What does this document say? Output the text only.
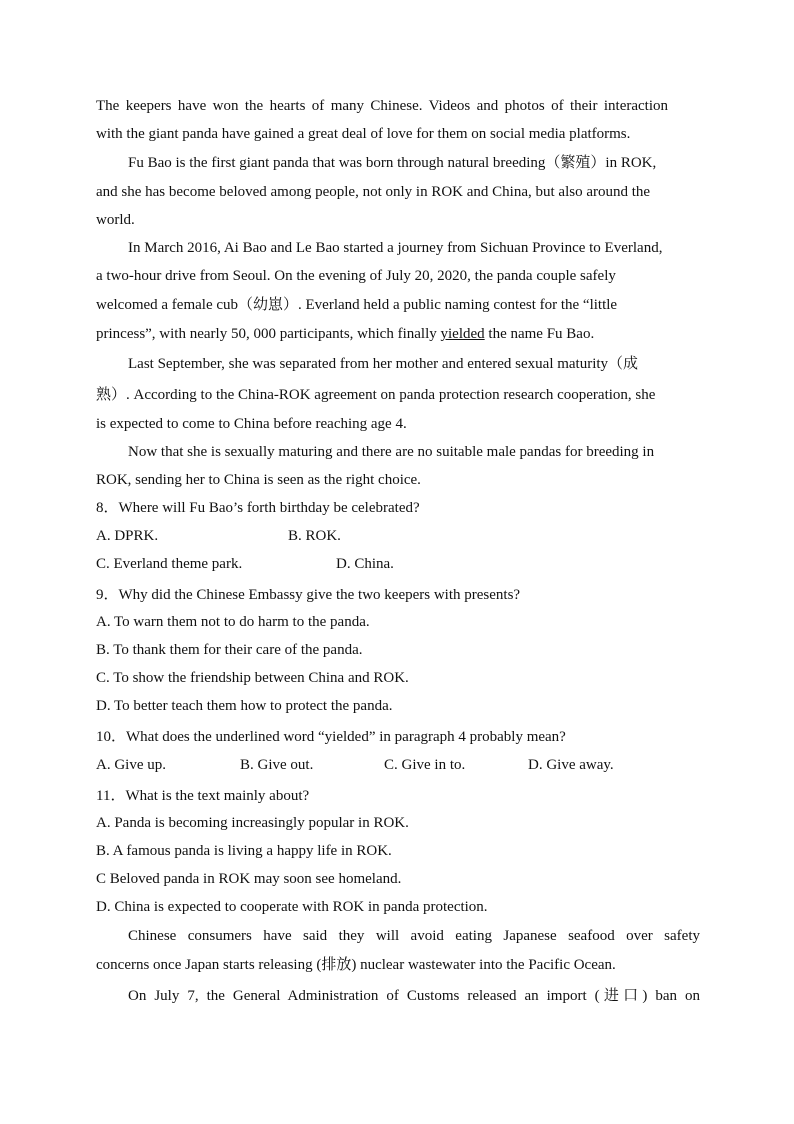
The keepers have won the hearts of many Chinese. Videos and photos of their interaction
with the giant panda have gained a great deal of love for them on social media platforms.
Fu Bao is the first giant panda that was born through natural breeding（繁殖）in ROK,
and she has become beloved among people, not only in ROK and China, but also around the
world.
In March 2016, Ai Bao and Le Bao started a journey from Sichuan Province to Everland,
a two-hour drive from Seoul. On the evening of July 20, 2020, the panda couple safely
welcomed a female cub（幼崽）. Everland held a public naming contest for the “little
princess”, with nearly 50, 000 participants, which finally yielded the name Fu Bao.
Last September, she was separated from her mother and entered sexual maturity（成
熟）. According to the China-ROK agreement on panda protection research cooperation, she
is expected to come to China before reaching age 4.
Now that she is sexually maturing and there are no suitable male pandas for breeding in
ROK, sending her to China is seen as the right choice.
8．Where will Fu Bao’s forth birthday be celebrated?
A. DPRK.	B. ROK.
C. Everland theme park.	D. China.
9．Why did the Chinese Embassy give the two keepers with presents?
A. To warn them not to do harm to the panda.
B. To thank them for their care of the panda.
C. To show the friendship between China and ROK.
D. To better teach them how to protect the panda.
10．What does the underlined word “yielded” in paragraph 4 probably mean?
A. Give up.	B. Give out.	C. Give in to.	D. Give away.
11．What is the text mainly about?
A. Panda is becoming increasingly popular in ROK.
B. A famous panda is living a happy life in ROK.
C Beloved panda in ROK may soon see homeland.
D. China is expected to cooperate with ROK in panda protection.
Chinese consumers have said they will avoid eating Japanese seafood over safety
concerns once Japan starts releasing (排放) nuclear wastewater into the Pacific Ocean.
On July 7, the General Administration of Customs released an import (进口) ban on
